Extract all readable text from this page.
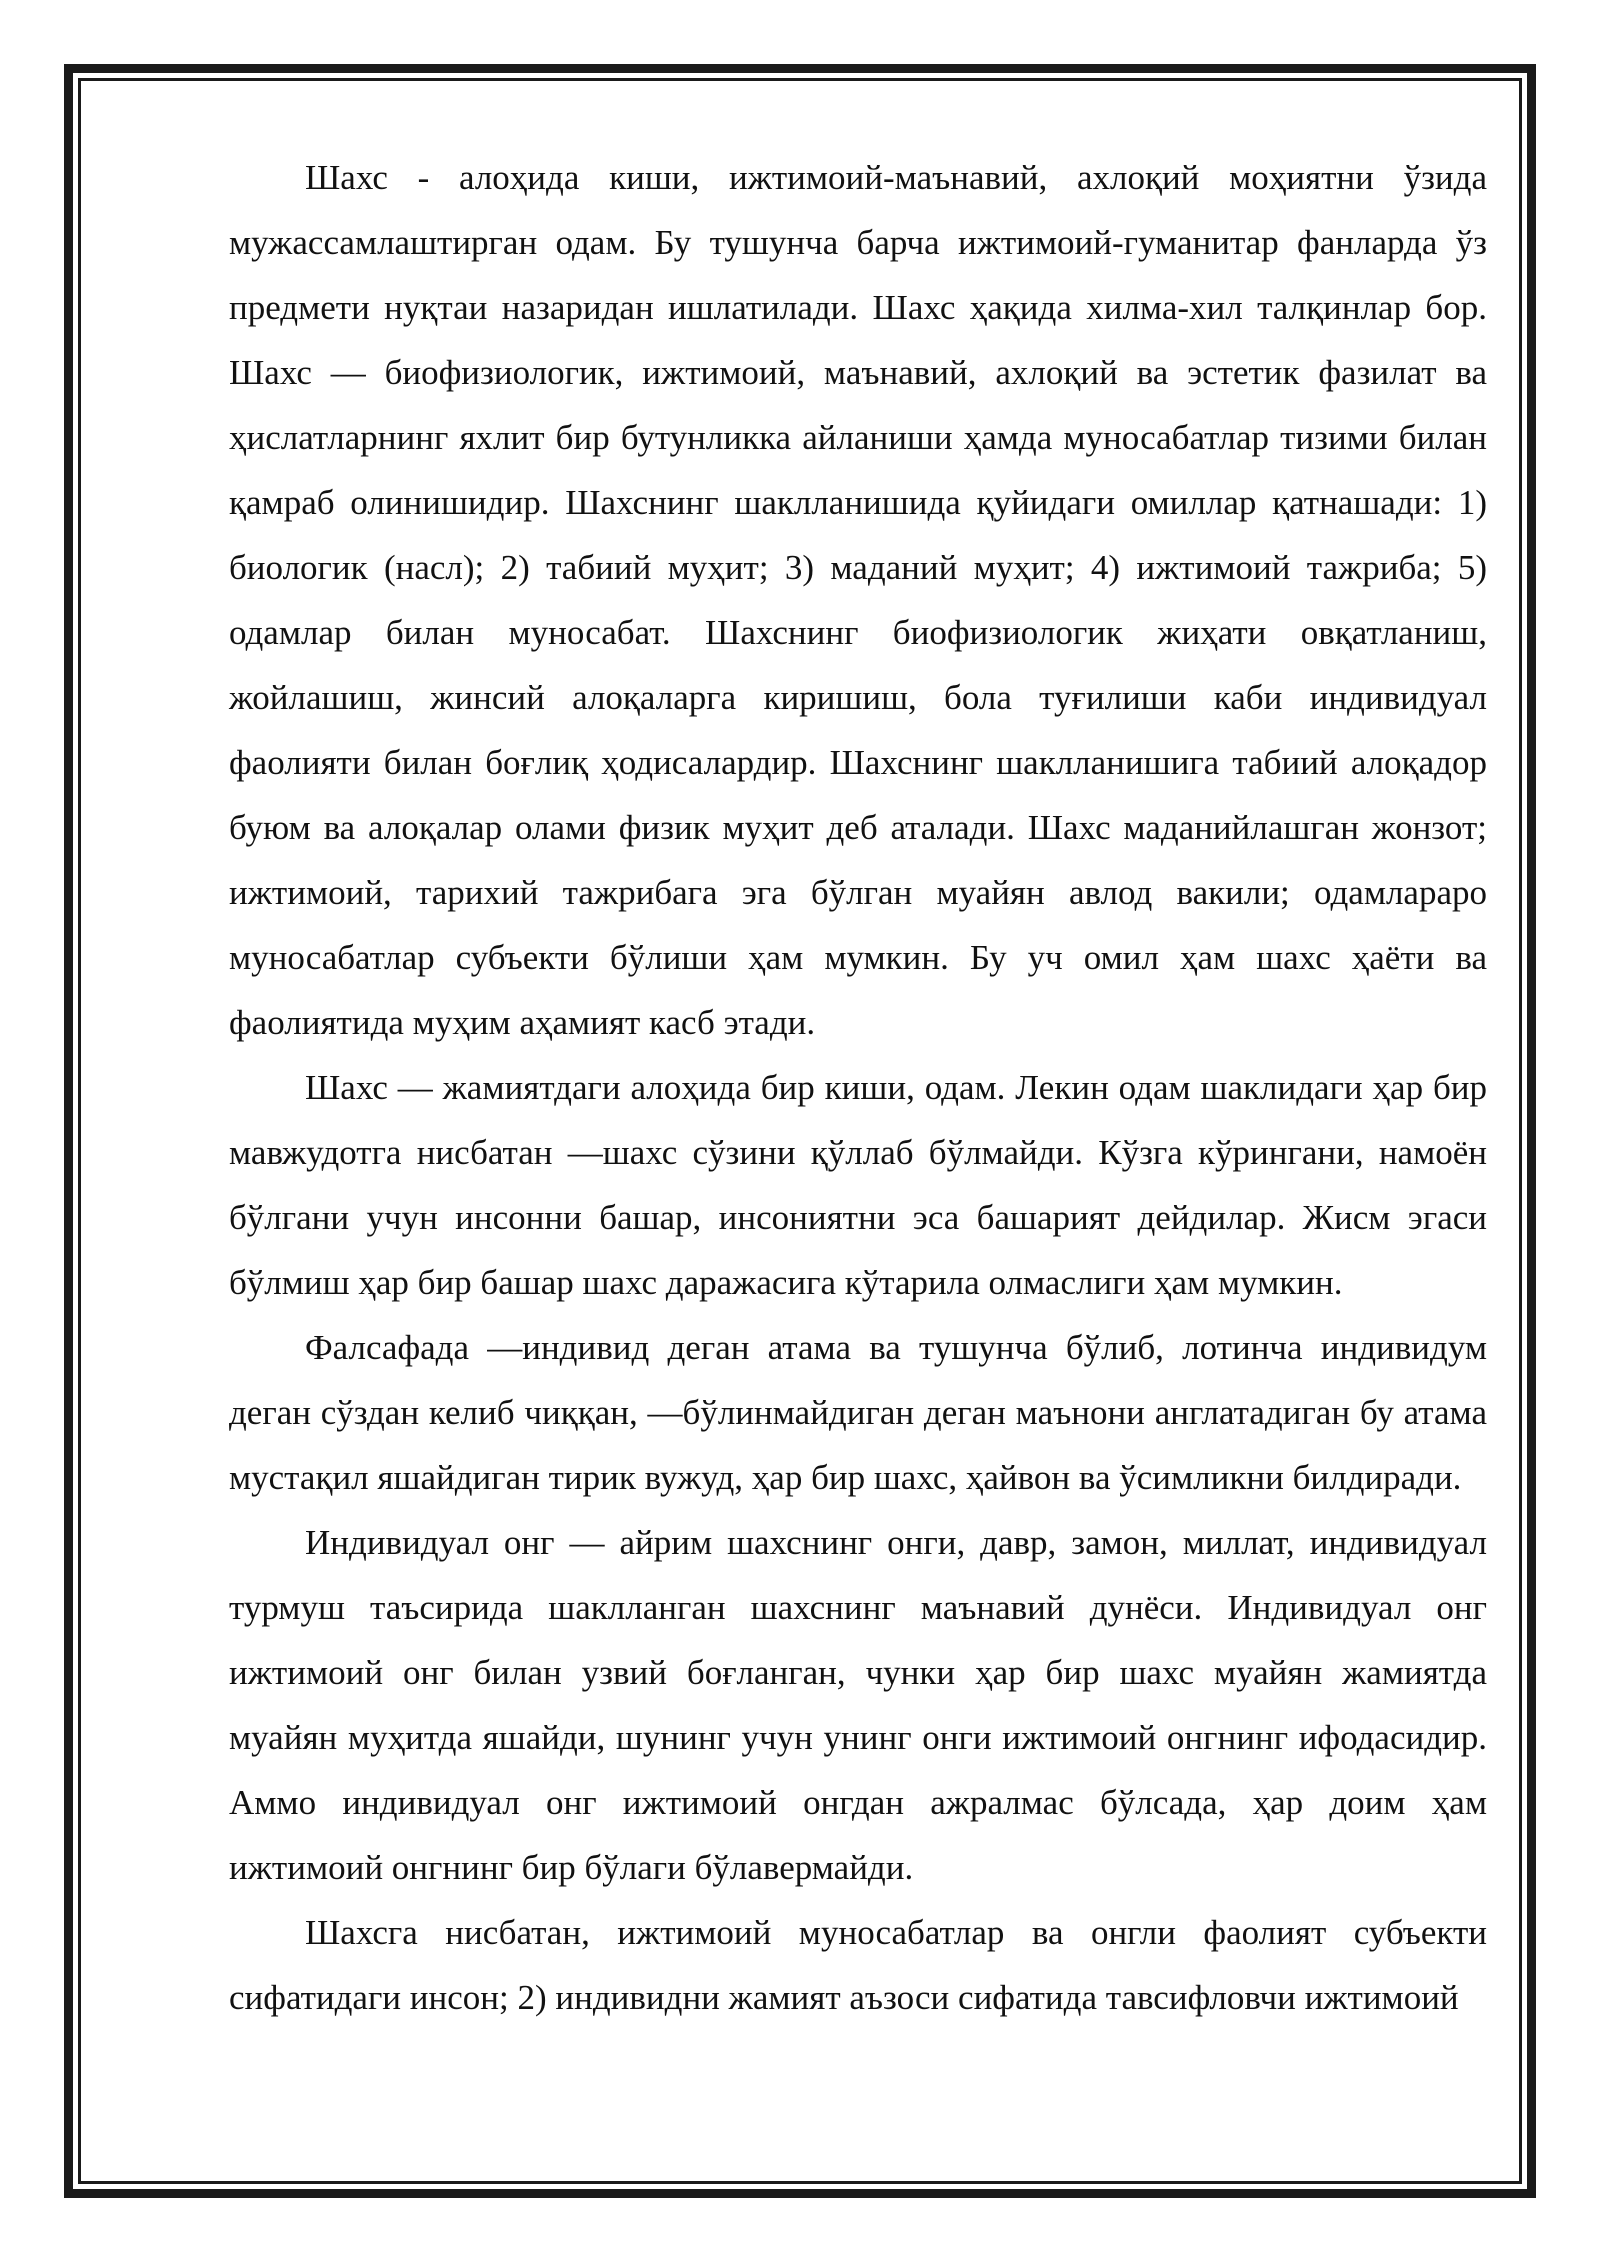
Шахс - алоҳида киши, ижтимоий-маънавий, ахлоқий моҳиятни ўзида мужассамлаштирган одам. Бу тушунча барча ижтимоий-гуманитар фанларда ўз предмети нуқтаи назаридан ишлатилади. Шахс ҳақида хилма-хил талқинлар бор. Шахс — биофизиологик, ижтимоий, маънавий, ахлоқий ва эстетик фазилат ва ҳислатларнинг яхлит бир бутунликка айланиши ҳамда муносабатлар тизими билан қамраб олинишидир. Шахснинг шаклланишида қуйидаги омиллар қатнашади: 1) биологик (насл); 2) табиий муҳит; 3) маданий муҳит; 4) ижтимоий тажриба; 5) одамлар билан муносабат. Шахснинг биофизиологик жиҳати овқатланиш, жойлашиш, жинсий алоқаларга киришиш, бола туғилиши каби индивидуал фаолияти билан боғлиқ ҳодисалардир. Шахснинг шаклланишига табиий алоқадор буюм ва алоқалар олами физик муҳит деб аталади. Шахс маданийлашган жонзот; ижтимоий, тарихий тажрибага эга бўлган муайян авлод вакили; одамлараро муносабатлар субъекти бўлиши ҳам мумкин. Бу уч омил ҳам шахс ҳаёти ва фаолиятида муҳим аҳамият касб этади.

Шахс — жамиятдаги алоҳида бир киши, одам. Лекин одам шаклидаги ҳар бир мавжудотга нисбатан —шахс сўзини қўллаб бўлмайди. Кўзга кўрингани, намоён бўлгани учун инсонни башар, инсониятни эса башарият дейдилар. Жисм эгаси бўлмиш ҳар бир башар шахс даражасига кўтарила олмаслиги ҳам мумкин.

Фалсафада —индивид деган атама ва тушунча бўлиб, лотинча индивидум деган сўздан келиб чиққан, —бўлинмайдиган деган маънони англатадиган бу атама мустақил яшайдиган тирик вужуд, ҳар бир шахс, ҳайвон ва ўсимликни билдиради.

Индивидуал онг — айрим шахснинг онги, давр, замон, миллат, индивидуал турмуш таъсирида шаклланган шахснинг маънавий дунёси. Индивидуал онг ижтимоий онг билан узвий боғланган, чунки ҳар бир шахс муайян жамиятда муайян муҳитда яшайди, шунинг учун унинг онги ижтимоий онгнинг ифодасидир. Аммо индивидуал онг ижтимоий онгдан ажралмас бўлсада, ҳар доим ҳам ижтимоий онгнинг бир бўлаги бўлавермайди.

Шахсга нисбатан, ижтимоий муносабатлар ва онгли фаолият субъекти сифатидаги инсон; 2) индивидни жамият аъзоси сифатида тавсифловчи ижтимоий
